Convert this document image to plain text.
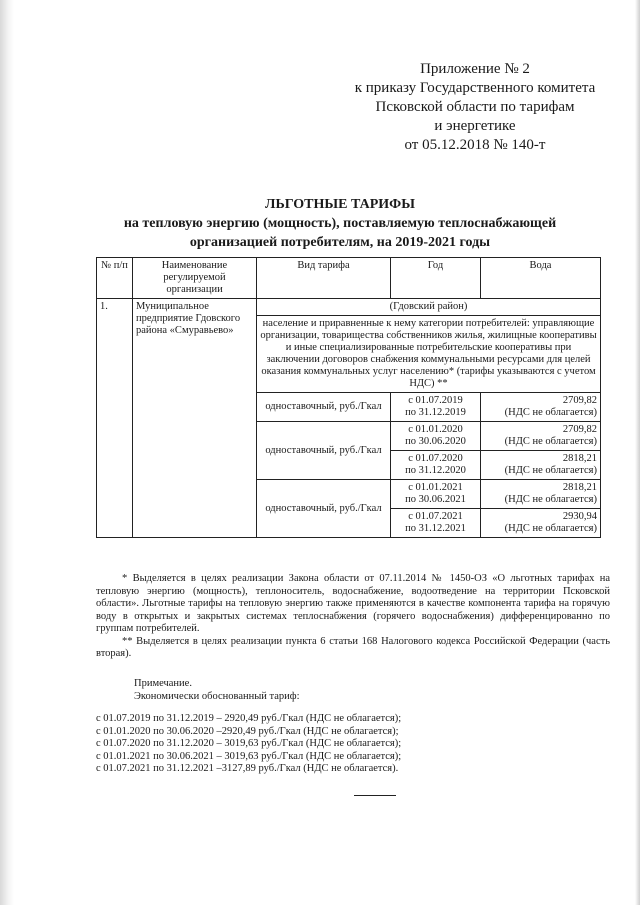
Приложение № 2
к приказу Государственного комитета
Псковской области по тарифам
и энергетике
от 05.12.2018 № 140-т
ЛЬГОТНЫЕ ТАРИФЫ
на тепловую энергию (мощность), поставляемую теплоснабжающей
организацией потребителям, на 2019-2021 годы
№ п/п	Наименование регулируемой организации	Вид тарифа	Год	Вода
1.	Муниципальное предприятие Гдовского района «Смуравьево»	(Гдовский район)		
		население и приравненные к нему категории потребителей: управляющие организации, товарищества собственников жилья, жилищные кооперативы и иные специализированные потребительские кооперативы при заключении договоров снабжения коммунальными ресурсами для целей оказания коммунальных услуг населению* (тарифы указываются с учетом НДС) **		
		одноставочный, руб./Гкал	с 01.07.2019
по 31.12.2019	2709,82
(НДС не облагается)

		одноставочный, руб./Гкал	с 01.01.2020
по 30.06.2020	2709,82
(НДС не облагается)

			с 01.07.2020
по 31.12.2020	2818,21
(НДС не облагается)

		одноставочный, руб./Гкал	с 01.01.2021
по 30.06.2021	2818,21
(НДС не облагается)

			с 01.07.2021
по 31.12.2021	2930,94
(НДС не облагается)

* Выделяется в целях реализации Закона области от 07.11.2014 № 1450-ОЗ «О льготных тарифах на тепловую энергию (мощность), теплоноситель, водоснабжение, водоотведение на территории Псковской области». Льготные тарифы на тепловую энергию также применяются в качестве компонента тарифа на горячую воду в открытых и закрытых системах теплоснабжения (горячего водоснабжения) дифференцированно по группам потребителей.

** Выделяется в целях реализации пункта 6 статьи 168 Налогового кодекса Российской Федерации (часть вторая).

Примечание.
Экономически обоснованный тариф:
с 01.07.2019 по 31.12.2019 – 2920,49 руб./Гкал (НДС не облагается);
с 01.01.2020 по 30.06.2020 –2920,49 руб./Гкал (НДС не облагается);
с 01.07.2020 по 31.12.2020 – 3019,63 руб./Гкал (НДС не облагается);
с 01.01.2021 по 30.06.2021 – 3019,63 руб./Гкал (НДС не облагается);
с 01.07.2021 по 31.12.2021 –3127,89 руб./Гкал (НДС не облагается).
